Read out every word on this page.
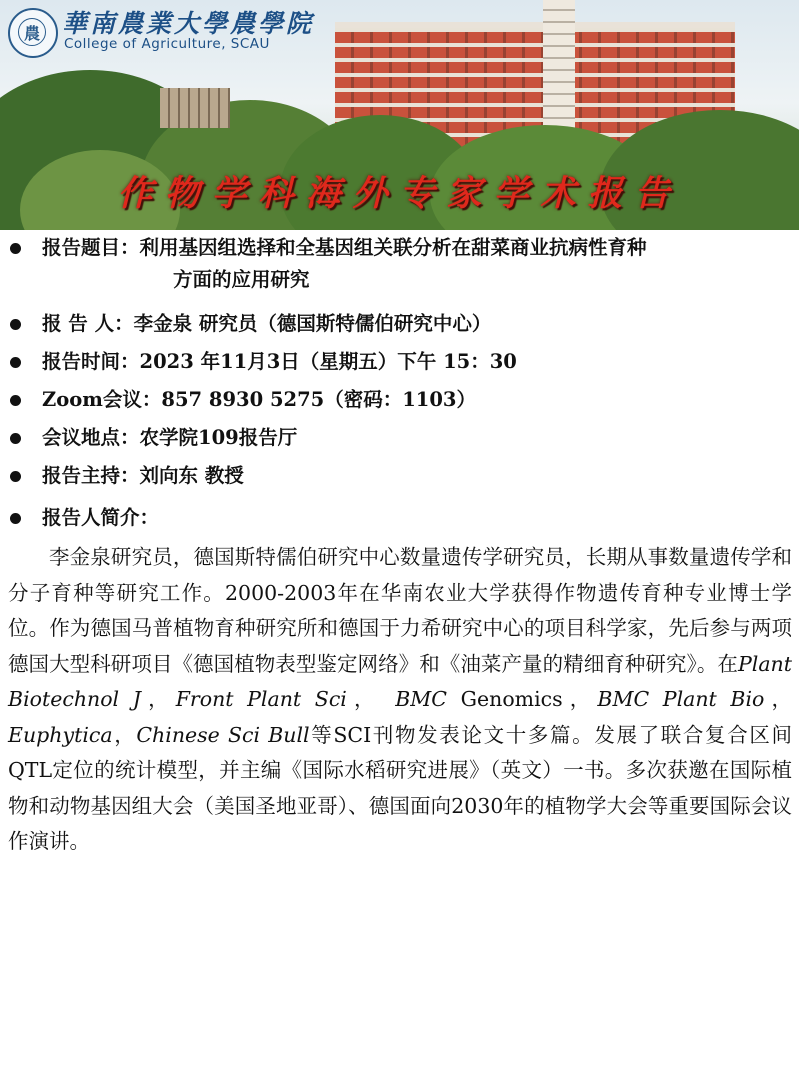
農 華南農業大學農學院
College of Agriculture, SCAU
作物学科海外专家学术报告
报告题目：利用基因组选择和全基因组关联分析在甜菜商业抗病性育种
方面的应用研究
报 告 人：李金泉 研究员（德国斯特儒伯研究中心）
报告时间：2023 年11月3日（星期五）下午 15：30
Zoom会议：857 8930 5275（密码：1103）
会议地点：农学院109报告厅
报告主持：刘向东 教授
报告人简介：
李金泉研究员，德国斯特儒伯研究中心数量遗传学研究员，长期从事数量遗传学和分子育种等研究工作。2000-2003年在华南农业大学获得作物遗传育种专业博士学位。作为德国马普植物育种研究所和德国于力希研究中心的项目科学家，先后参与两项德国大型科研项目《德国植物表型鉴定网络》和《油菜产量的精细育种研究》。在Plant Biotechnol J，Front Plant Sci， BMC Genomics，BMC Plant Bio， Euphytica，Chinese Sci Bull等SCI刊物发表论文十多篇。发展了联合复合区间QTL定位的统计模型，并主编《国际水稻研究进展》（英文）一书。多次获邀在国际植物和动物基因组大会（美国圣地亚哥）、德国面向2030年的植物学大会等重要国际会议作演讲。
